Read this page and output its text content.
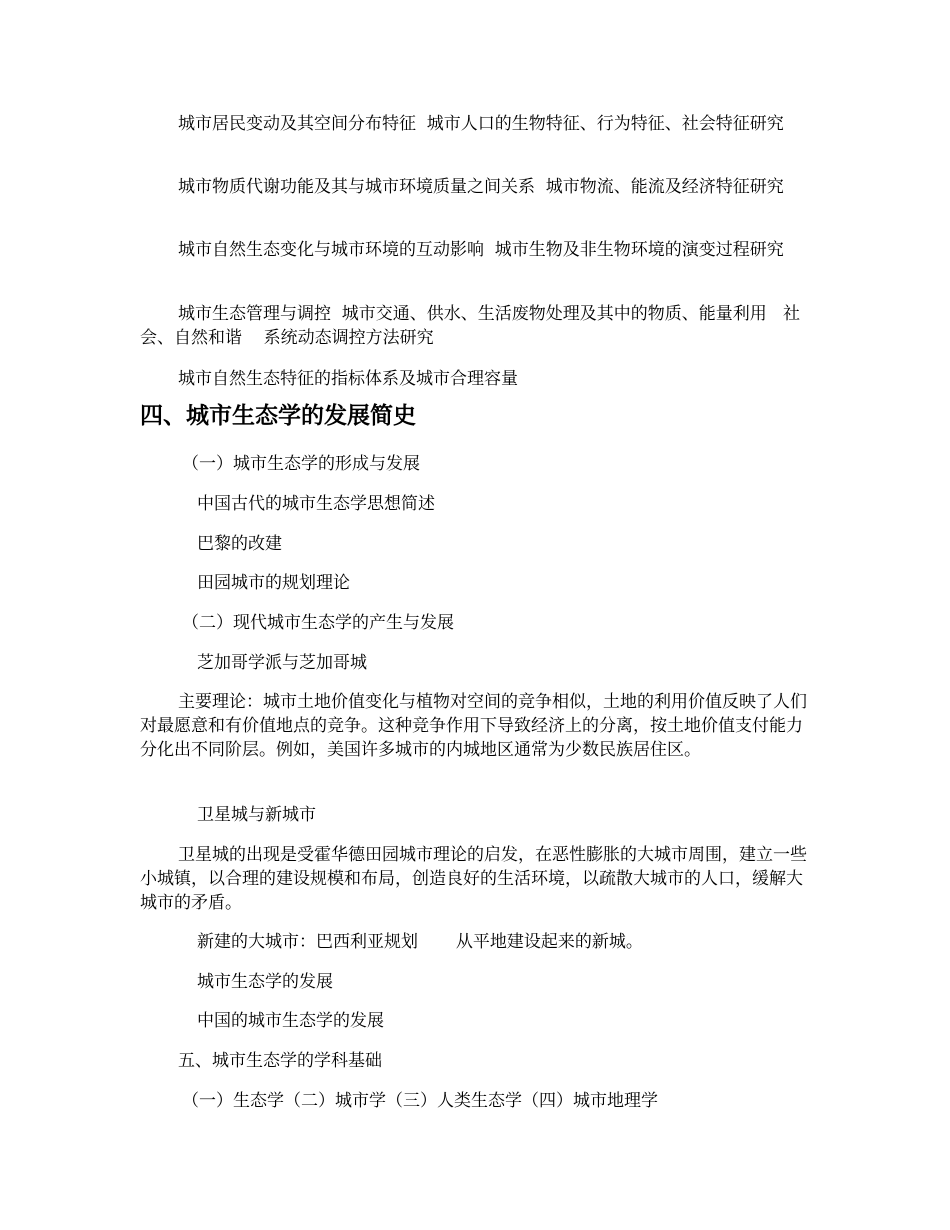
城市居民变动及其空间分布特征  城市人口的生物特征、行为特征、社会特征研究

城市物质代谢功能及其与城市环境质量之间关系  城市物流、能流及经济特征研究

城市自然生态变化与城市环境的互动影响  城市生物及非生物环境的演变过程研究

城市生态管理与调控  城市交通、供水、生活废物处理及其中的物质、能量利用   社会、自然和谐    系统动态调控方法研究

城市自然生态特征的指标体系及城市合理容量

四、城市生态学的发展简史

（一）城市生态学的形成与发展

中国古代的城市生态学思想简述

巴黎的改建

田园城市的规划理论

（二）现代城市生态学的产生与发展

芝加哥学派与芝加哥城

主要理论：城市土地价值变化与植物对空间的竞争相似，土地的利用价值反映了人们对最愿意和有价值地点的竞争。这种竞争作用下导致经济上的分离，按土地价值支付能力分化出不同阶层。例如，美国许多城市的内城地区通常为少数民族居住区。

卫星城与新城市

卫星城的出现是受霍华德田园城市理论的启发，在恶性膨胀的大城市周围，建立一些小城镇，以合理的建设规模和布局，创造良好的生活环境，以疏散大城市的人口，缓解大城市的矛盾。

新建的大城市：巴西利亚规划       从平地建设起来的新城。

城市生态学的发展

中国的城市生态学的发展

五、城市生态学的学科基础

（一）生态学（二）城市学（三）人类生态学（四）城市地理学
